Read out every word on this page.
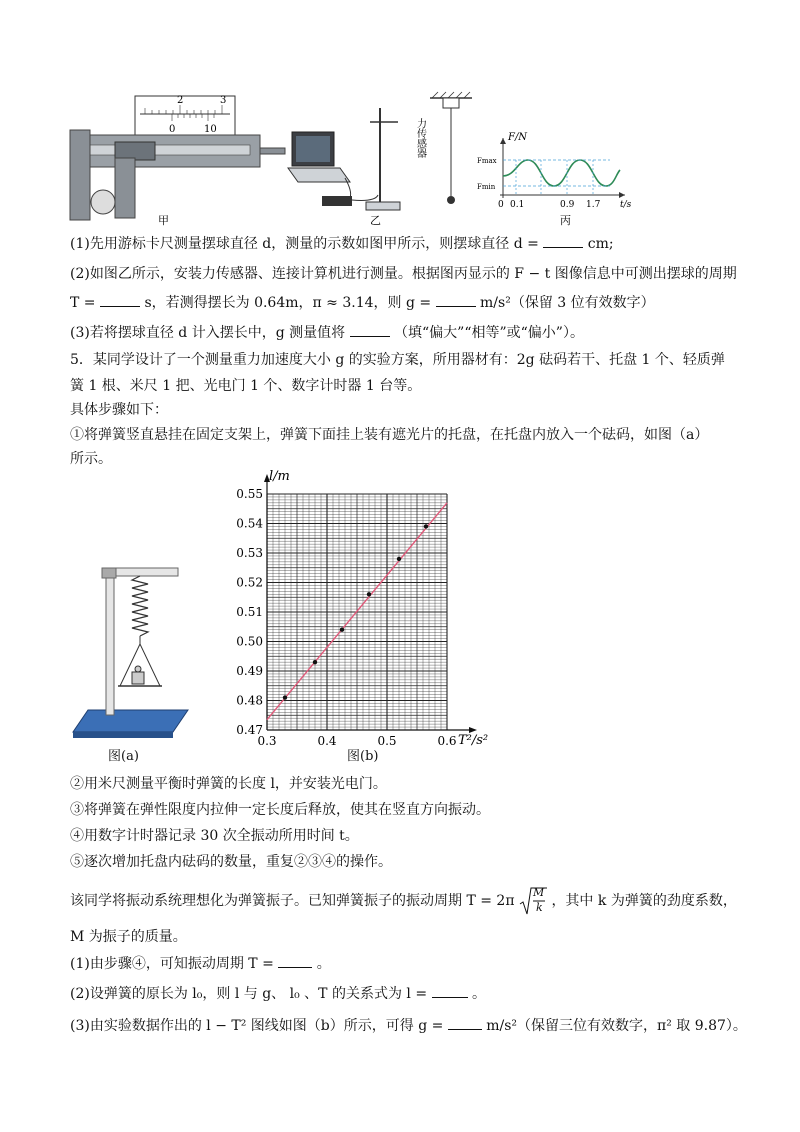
2	3
0	10
甲	乙
力传感器	F/N
Fmax
Fmin
0 0.1	0.9 1.7 t/s
丙
(1)先用游标卡尺测量摆球直径 d，测量的示数如图甲所示，则摆球直径 d =	cm;
(2)如图乙所示，安装力传感器、连接计算机进行测量。根据图丙显示的 F − t 图像信息中可测出摆球的周期
T =	s，若测得摆长为 0.64m，π ≈ 3.14，则 g =	m/s²（保留 3 位有效数字）
(3)若将摆球直径 d 计入摆长中，g 测量值将	（填“偏大”“相等”或“偏小”）。
5．某同学设计了一个测量重力加速度大小 g 的实验方案，所用器材有：2g 砝码若干、托盘 1 个、轻质弹
簧 1 根、米尺 1 把、光电门 1 个、数字计时器 1 台等。
具体步骤如下：
①将弹簧竖直悬挂在固定支架上，弹簧下面挂上装有遮光片的托盘，在托盘内放入一个砝码，如图（a）
所示。
图(a)
0.3	0.4	0.5	0.6
0.47
0.48
0.49
0.50
0.51
0.52
0.53
0.54
0.55
l/m
T²/s²
图(b)
②用米尺测量平衡时弹簧的长度 l，并安装光电门。
③将弹簧在弹性限度内拉伸一定长度后释放，使其在竖直方向振动。
④用数字计时器记录 30 次全振动所用时间 t。
⑤逐次增加托盘内砝码的数量，重复②③④的操作。
该同学将振动系统理想化为弹簧振子。已知弹簧振子的振动周期 T = 2π
M
k ，其中 k 为弹簧的劲度系数，
M 为振子的质量。
(1)由步骤④，可知振动周期 T =	。
(2)设弹簧的原长为 l₀，则 l 与 g、 l₀ 、T 的关系式为 l =	。
(3)由实验数据作出的 l − T² 图线如图（b）所示，可得 g =	m/s²（保留三位有效数字，π² 取 9.87）。
